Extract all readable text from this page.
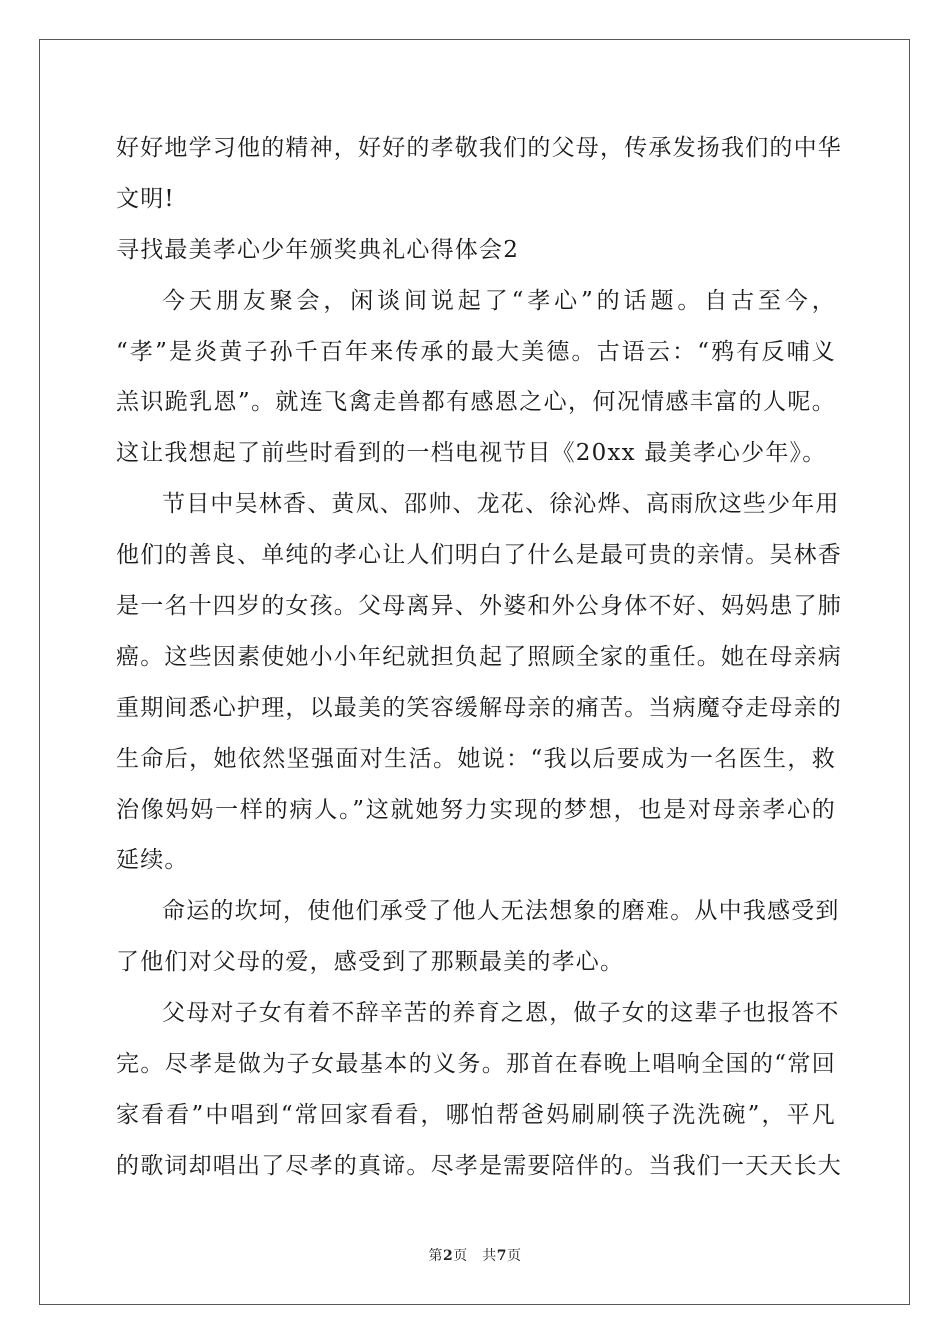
好好地学习他的精神，好好的孝敬我们的父母，传承发扬我们的中华
文明!
寻找最美孝心少年颁奖典礼心得体会2
今天朋友聚会，闲谈间说起了“孝心”的话题。自古至今，
“孝”是炎黄子孙千百年来传承的最大美德。古语云：“鸦有反哺义
羔识跪乳恩”。就连飞禽走兽都有感恩之心，何况情感丰富的人呢。
这让我想起了前些时看到的一档电视节目《20xx 最美孝心少年》。
节目中吴林香、黄凤、邵帅、龙花、徐沁烨、高雨欣这些少年用
他们的善良、单纯的孝心让人们明白了什么是最可贵的亲情。吴林香
是一名十四岁的女孩。父母离异、外婆和外公身体不好、妈妈患了肺
癌。这些因素使她小小年纪就担负起了照顾全家的重任。她在母亲病
重期间悉心护理，以最美的笑容缓解母亲的痛苦。当病魔夺走母亲的
生命后，她依然坚强面对生活。她说：“我以后要成为一名医生，救
治像妈妈一样的病人。”这就她努力实现的梦想，也是对母亲孝心的
延续。
命运的坎坷，使他们承受了他人无法想象的磨难。从中我感受到
了他们对父母的爱，感受到了那颗最美的孝心。
父母对子女有着不辞辛苦的养育之恩，做子女的这辈子也报答不
完。尽孝是做为子女最基本的义务。那首在春晚上唱响全国的“常回
家看看”中唱到“常回家看看，哪怕帮爸妈刷刷筷子洗洗碗”，平凡
的歌词却唱出了尽孝的真谛。尽孝是需要陪伴的。当我们一天天长大
第2页　共7页
